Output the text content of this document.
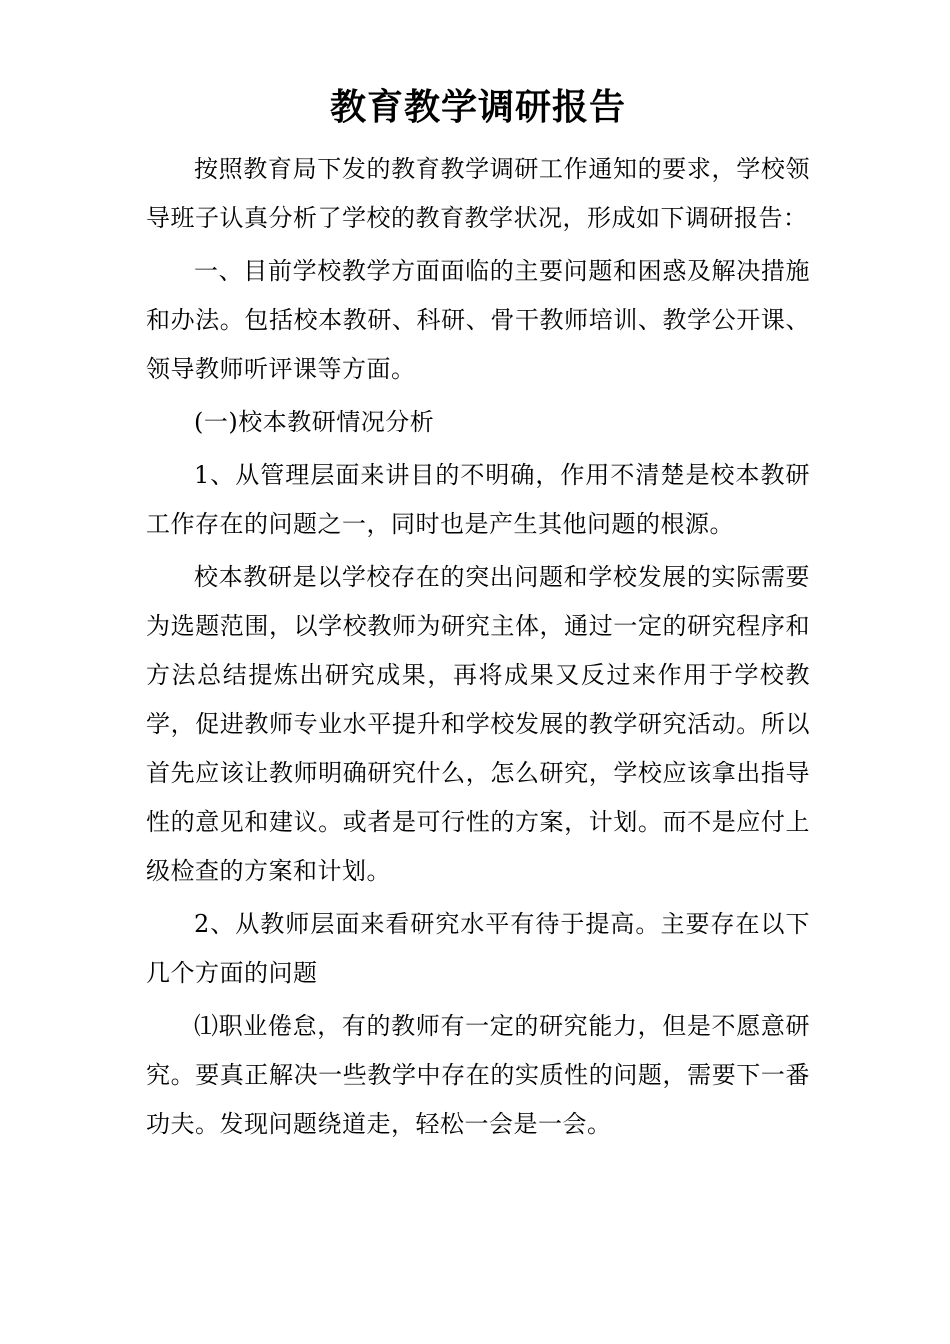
教育教学调研报告

按照教育局下发的教育教学调研工作通知的要求，学校领导班子认真分析了学校的教育教学状况，形成如下调研报告：

一、目前学校教学方面面临的主要问题和困惑及解决措施和办法。包括校本教研、科研、骨干教师培训、教学公开课、领导教师听评课等方面。

(一)校本教研情况分析

1、从管理层面来讲目的不明确，作用不清楚是校本教研工作存在的问题之一，同时也是产生其他问题的根源。

校本教研是以学校存在的突出问题和学校发展的实际需要为选题范围，以学校教师为研究主体，通过一定的研究程序和方法总结提炼出研究成果，再将成果又反过来作用于学校教学，促进教师专业水平提升和学校发展的教学研究活动。所以首先应该让教师明确研究什么，怎么研究，学校应该拿出指导性的意见和建议。或者是可行性的方案，计划。而不是应付上级检查的方案和计划。

2、从教师层面来看研究水平有待于提高。主要存在以下几个方面的问题

⑴职业倦怠，有的教师有一定的研究能力，但是不愿意研究。要真正解决一些教学中存在的实质性的问题，需要下一番功夫。发现问题绕道走，轻松一会是一会。
